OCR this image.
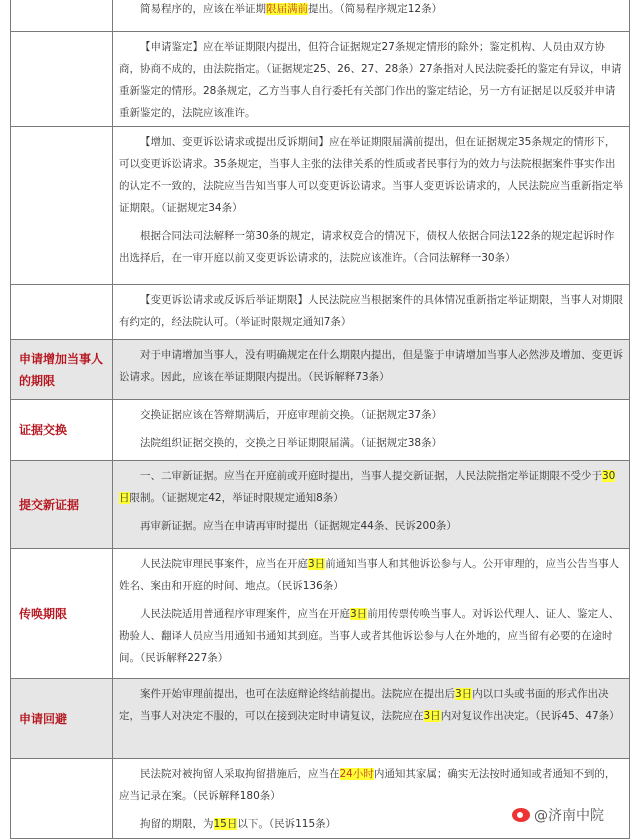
简易程序的，应该在举证期限届满前提出。（简易程序规定12条）

【申请鉴定】应在举证期限内提出，但符合证据规定27条规定情形的除外；鉴定机构、人员由双方协商，协商不成的，由法院指定。（证据规定25、26、27、28条）27条指对人民法院委托的鉴定有异议，申请重新鉴定的情形。28条规定，乙方当事人自行委托有关部门作出的鉴定结论，另一方有证据足以反驳并申请重新鉴定的，法院应该准许。

【增加、变更诉讼请求或提出反诉期间】应在举证期限届满前提出，但在证据规定35条规定的情形下，可以变更诉讼请求。35条规定，当事人主张的法律关系的性质或者民事行为的效力与法院根据案件事实作出的认定不一致的，法院应当告知当事人可以变更诉讼请求。当事人变更诉讼请求的，人民法院应当重新指定举证期限。（证据规定34条）

根据合同法司法解释一第30条的规定，请求权竞合的情况下，债权人依据合同法122条的规定起诉时作出选择后，在一审开庭以前又变更诉讼请求的，法院应该准许。（合同法解释一30条）

【变更诉讼请求或反诉后举证期限】人民法院应当根据案件的具体情况重新指定举证期限，当事人对期限有约定的，经法院认可。（举证时限规定通知7条）

申请增加当事人的期限

对于申请增加当事人，没有明确规定在什么期限内提出，但是鉴于申请增加当事人必然涉及增加、变更诉讼请求。因此，应该在举证期限内提出。（民诉解释73条）

证据交换

交换证据应该在答辩期满后，开庭审理前交换。（证据规定37条）

法院组织证据交换的，交换之日举证期限届满。（证据规定38条）

提交新证据

一、二审新证据。应当在开庭前或开庭时提出，当事人提交新证据，人民法院指定举证期限不受少于30日限制。（证据规定42，举证时限规定通知8条）

再审新证据。应当在申请再审时提出（证据规定44条、民诉200条）

传唤期限

人民法院审理民事案件，应当在开庭3日前通知当事人和其他诉讼参与人。公开审理的，应当公告当事人姓名、案由和开庭的时间、地点。（民诉136条）

人民法院适用普通程序审理案件，应当在开庭3日前用传票传唤当事人。对诉讼代理人、证人、鉴定人、勘验人、翻译人员应当用通知书通知其到庭。当事人或者其他诉讼参与人在外地的，应当留有必要的在途时间。（民诉解释227条）

申请回避

案件开始审理前提出，也可在法庭辩论终结前提出。法院应在提出后3日内以口头或书面的形式作出决定，当事人对决定不服的，可以在接到决定时申请复议，法院应在3日内对复议作出决定。（民诉45、47条）

民法院对被拘留人采取拘留措施后，应当在24小时内通知其家属；确实无法按时通知或者通知不到的，应当记录在案。（民诉解释180条）

拘留的期限，为15日以下。（民诉115条）	@济南中院
